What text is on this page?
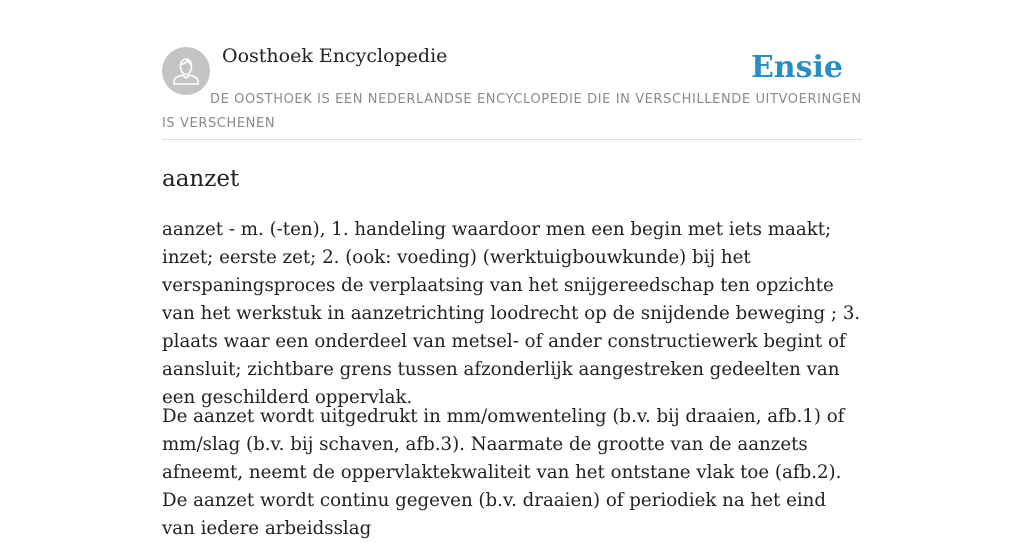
Oosthoek Encyclopedie	Ensie
DE OOSTHOEK IS EEN NEDERLANDSE ENCYCLOPEDIE DIE IN VERSCHILLENDE UITVOERINGEN IS VERSCHENEN
aanzet

aanzet - m. (-ten), 1. handeling waardoor men een begin met iets maakt; inzet; eerste zet; 2. (ook: voeding) (werktuigbouwkunde) bij het verspaningsproces de verplaatsing van het snijgereedschap ten opzichte van het werkstuk in aanzetrichting loodrecht op de snijdende beweging ; 3. plaats waar een onderdeel van metsel- of ander constructiewerk begint of aansluit; zichtbare grens tussen afzonderlijk aangestreken gedeelten van een geschilderd oppervlak.

De aanzet wordt uitgedrukt in mm/omwenteling (b.v. bij draaien, afb.1) of mm/slag (b.v. bij schaven, afb.3). Naarmate de grootte van de aanzets afneemt, neemt de oppervlaktekwaliteit van het ontstane vlak toe (afb.2). De aanzet wordt continu gegeven (b.v. draaien) of periodiek na het eind van iedere arbeidsslag
